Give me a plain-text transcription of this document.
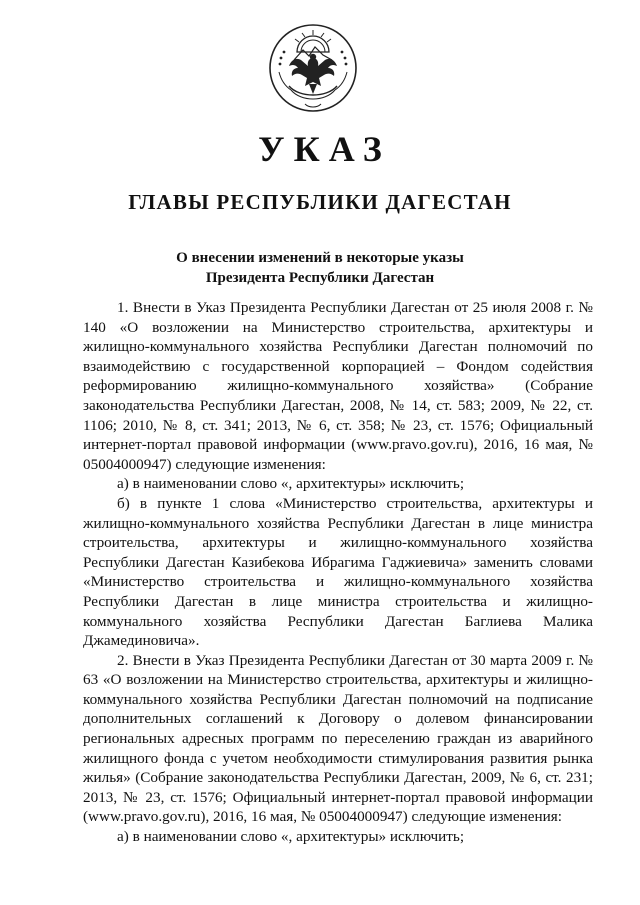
УКАЗ
ГЛАВЫ РЕСПУБЛИКИ ДАГЕСТАН
О внесении изменений в некоторые указы
Президента Республики Дагестан

1. Внести в Указ Президента Республики Дагестан от 25 июля 2008 г. № 140 «О возложении на Министерство строительства, архитектуры и жилищно-коммунального хозяйства Республики Дагестан полномочий по взаимодействию с государственной корпорацией – Фондом содействия реформированию жилищно-коммунального хозяйства» (Собрание законодательства Республики Дагестан, 2008, № 14, ст. 583; 2009, № 22, ст. 1106; 2010, № 8, ст. 341; 2013, № 6, ст. 358; № 23, ст. 1576; Официальный интернет-портал правовой информации (www.pravo.gov.ru), 2016, 16 мая, № 05004000947) следующие изменения:

а) в наименовании слово «, архитектуры» исключить;

б) в пункте 1 слова «Министерство строительства, архитектуры и жилищно-коммунального хозяйства Республики Дагестан в лице министра строительства, архитектуры и жилищно-коммунального хозяйства Республики Дагестан Казибекова Ибрагима Гаджиевича» заменить словами «Министерство строительства и жилищно-коммунального хозяйства Республики Дагестан в лице министра строительства и жилищно-коммунального хозяйства Республики Дагестан Баглиева Малика Джамединовича».

2. Внести в Указ Президента Республики Дагестан от 30 марта 2009 г. № 63 «О возложении на Министерство строительства, архитектуры и жилищно-коммунального хозяйства Республики Дагестан полномочий на подписание дополнительных соглашений к Договору о долевом финансировании региональных адресных программ по переселению граждан из аварийного жилищного фонда с учетом необходимости стимулирования развития рынка жилья» (Собрание законодательства Республики Дагестан, 2009, № 6, ст. 231; 2013, № 23, ст. 1576; Официальный интернет-портал правовой информации (www.pravo.gov.ru), 2016, 16 мая, № 05004000947) следующие изменения:

а) в наименовании слово «, архитектуры» исключить;
